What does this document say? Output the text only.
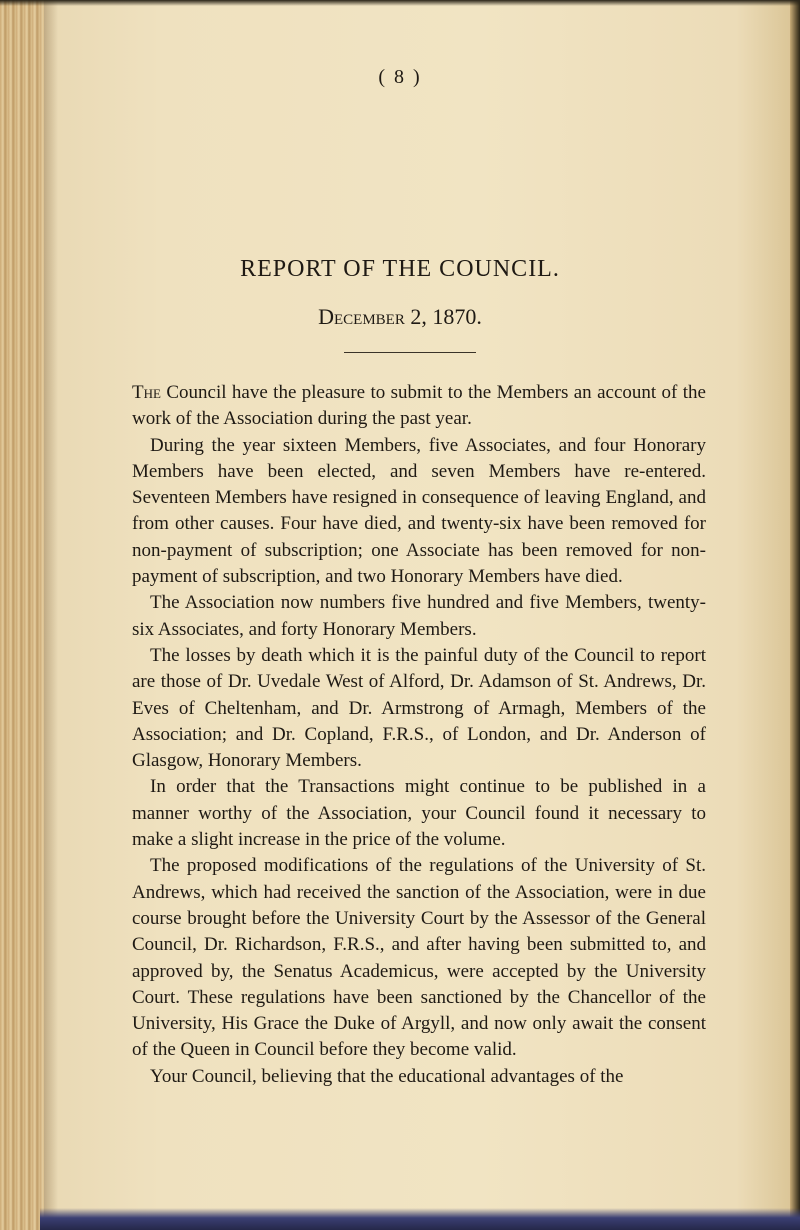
( 8 )
REPORT OF THE COUNCIL.
December 2, 1870.

The Council have the pleasure to submit to the Members an account of the work of the Association during the past year.

During the year sixteen Members, five Associates, and four Honorary Members have been elected, and seven Members have re-entered. Seventeen Members have resigned in consequence of leaving England, and from other causes. Four have died, and twenty-six have been removed for non-payment of subscription; one Associate has been removed for non-payment of subscription, and two Honorary Members have died.

The Association now numbers five hundred and five Members, twenty-six Associates, and forty Honorary Members.

The losses by death which it is the painful duty of the Council to report are those of Dr. Uvedale West of Alford, Dr. Adamson of St. Andrews, Dr. Eves of Cheltenham, and Dr. Armstrong of Armagh, Members of the Association; and Dr. Copland, F.R.S., of London, and Dr. Anderson of Glasgow, Honorary Members.

In order that the Transactions might continue to be published in a manner worthy of the Association, your Council found it necessary to make a slight increase in the price of the volume.

The proposed modifications of the regulations of the University of St. Andrews, which had received the sanction of the Association, were in due course brought before the University Court by the Assessor of the General Council, Dr. Richardson, F.R.S., and after having been submitted to, and approved by, the Senatus Academicus, were accepted by the University Court. These regulations have been sanctioned by the Chancellor of the University, His Grace the Duke of Argyll, and now only await the consent of the Queen in Council before they become valid.

Your Council, believing that the educational advantages of the
